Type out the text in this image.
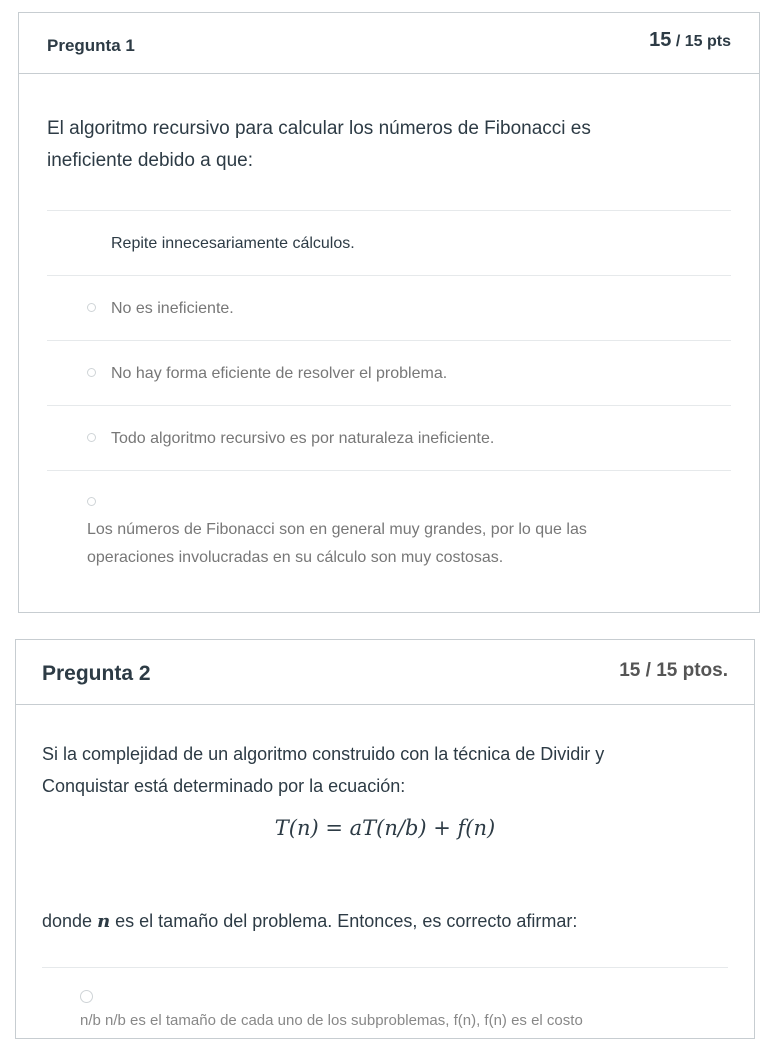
Pregunta 1	15 / 15 pts
El algoritmo recursivo para calcular los números de Fibonacci es
ineficiente debido a que:
Repite innecesariamente cálculos.
No es ineficiente.
No hay forma eficiente de resolver el problema.
Todo algoritmo recursivo es por naturaleza ineficiente.
Los números de Fibonacci son en general muy grandes, por lo que las
operaciones involucradas en su cálculo son muy costosas.
Pregunta 2	15 / 15 ptos.
Si la complejidad de un algoritmo construido con la técnica de Dividir y
Conquistar está determinado por la ecuación:
T(n) = aT(n/b) + f(n)
donde n es el tamaño del problema. Entonces, es correcto afirmar:
n/b n/b es el tamaño de cada uno de los subproblemas, f(n), f(n) es el costo
